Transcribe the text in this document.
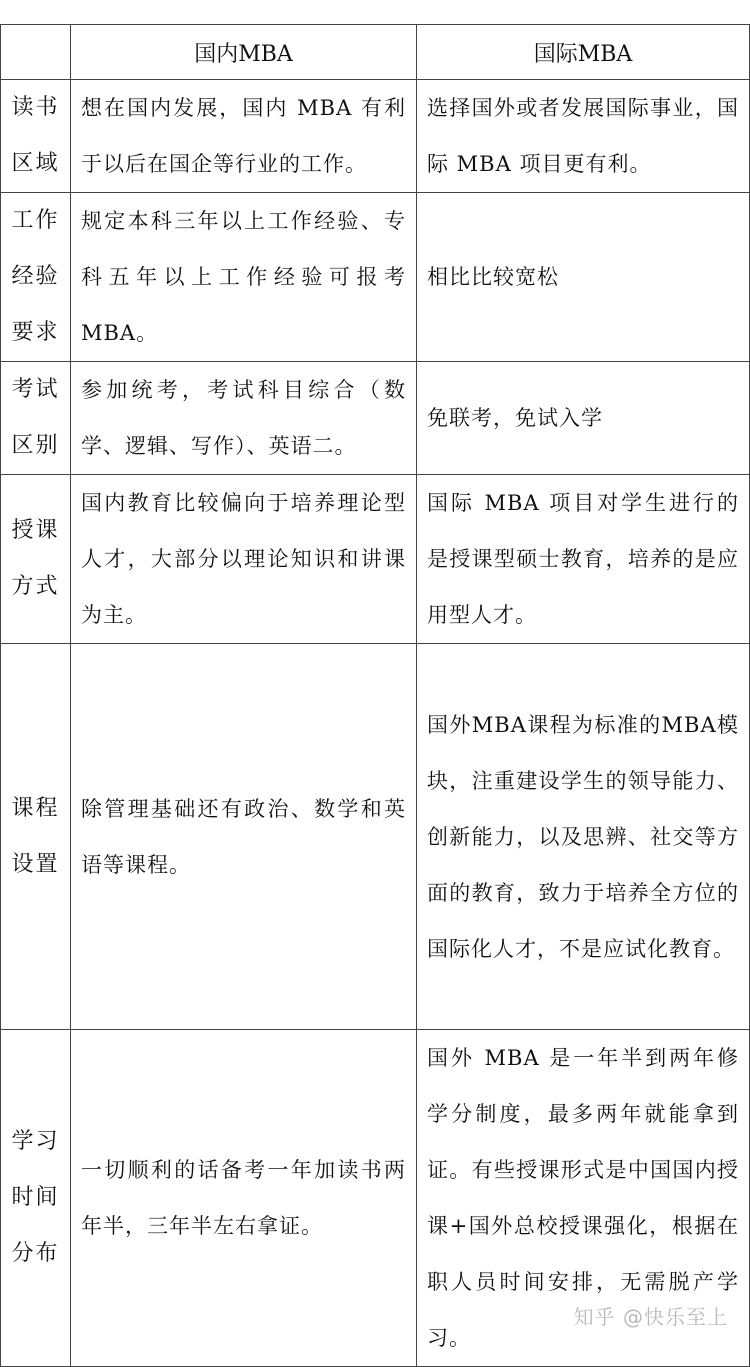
	国内MBA	国际MBA

读书区域	想在国内发展，国内 MBA 有利于以后在国企等行业的工作。	选择国外或者发展国际事业，国际 MBA 项目更有利。

工作经验要求	规定本科三年以上工作经验、专科五年以上工作经验可报考 MBA。	相比比较宽松

考试区别	参加统考，考试科目综合（数学、逻辑、写作）、英语二。	免联考，免试入学

授课方式	国内教育比较偏向于培养理论型人才，大部分以理论知识和讲课为主。	国际 MBA 项目对学生进行的是授课型硕士教育，培养的是应用型人才。

课程设置	除管理基础还有政治、数学和英语等课程。	国外MBA课程为标准的MBA模块，注重建设学生的领导能力、创新能力，以及思辨、社交等方面的教育，致力于培养全方位的国际化人才，不是应试化教育。

学习时间分布	一切顺利的话备考一年加读书两年半，三年半左右拿证。	国外 MBA 是一年半到两年修学分制度，最多两年就能拿到证。有些授课形式是中国国内授课+国外总校授课强化，根据在职人员时间安排，无需脱产学习。
知乎 @快乐至上
